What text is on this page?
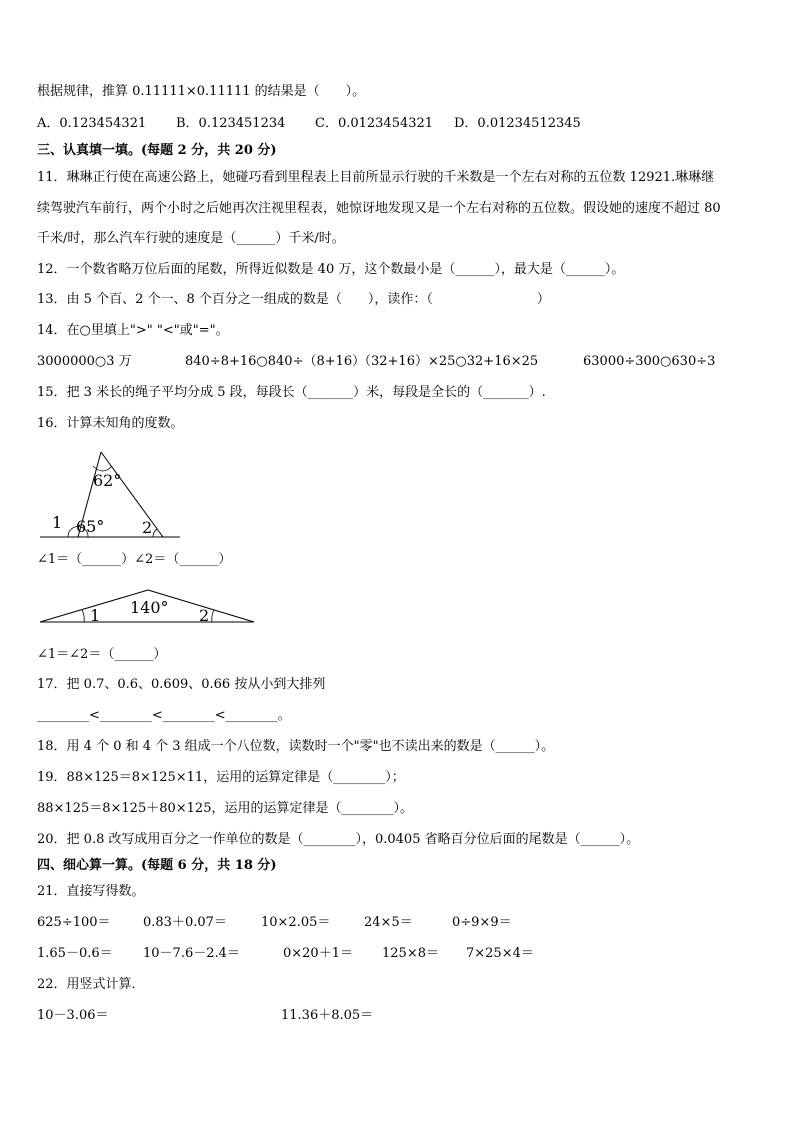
根据规律，推算 0.11111×0.11111 的结果是（　　）。
A．0.123454321	B．0.123451234	C．0.0123454321	D．0.01234512345
三、认真填一填。(每题 2 分，共 20 分)
11．琳琳正行使在高速公路上，她碰巧看到里程表上目前所显示行驶的千米数是一个左右对称的五位数 12921.琳琳继
续驾驶汽车前行，两个小时之后她再次注视里程表，她惊讶地发现又是一个左右对称的五位数。假设她的速度不超过 80
千米/时，那么汽车行驶的速度是（______）千米/时。
12．一个数省略万位后面的尾数，所得近似数是 40 万，这个数最小是（______），最大是（______）。
13．由 5 个百、2 个一、8 个百分之一组成的数是（　　），读作：（　　　　　　　　）
14．在○里填上">" "<"或"="。
3000000○3 万	840÷8+16○840÷（8+16）
（32+16）×25○32+16×25	63000÷300○630÷3
15．把 3 米长的绳子平均分成 5 段，每段长（_______）米，每段是全长的（_______）.
16．计算未知角的度数。
62°
65°
1	2
∠1＝（______）∠2＝（______）
140°
1	2
∠1＝∠2＝（______）
17．把 0.7、0.6、0.609、0.66 按从小到大排列
________<________<________<________。
18．用 4 个 0 和 4 个 3 组成一个八位数，读数时一个"零"也不读出来的数是（______）。
19．88×125＝8×125×11，运用的运算定律是（________）；
88×125＝8×125＋80×125，运用的运算定律是（________）。
20．把 0.8 改写成用百分之一作单位的数是（________），0.0405 省略百分位后面的尾数是（______）。
四、细心算一算。(每题 6 分，共 18 分)
21．直接写得数。
625÷100＝	0.83＋0.07＝	10×2.05＝	24×5＝	0÷9×9＝
1.65－0.6＝	10－7.6－2.4＝	0×20＋1＝	125×8＝	7×25×4＝
22．用竖式计算．
10－3.06＝	11.36＋8.05＝
